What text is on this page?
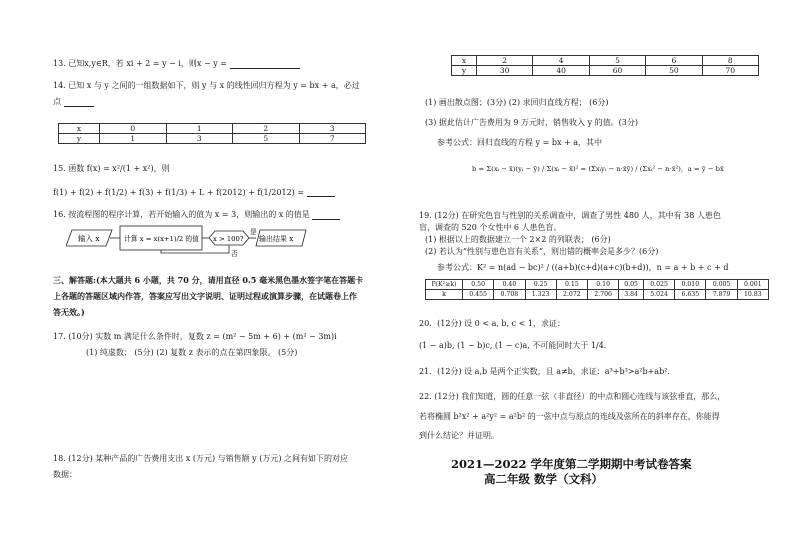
13. 已知x,y∈R，若 xi + 2 = y − i，则x − y =
14. 已知 x 与 y 之间的一组数据如下，则 y 与 x 的线性回归方程为 y = bx + a，必过
点
x	0	1	2	3
y	1	3	5	7
15. 函数 f(x) = x²/(1 + x²)，则
f(1) + f(2) + f(1/2) + f(3) + f(1/3) + L + f(2012) + f(1/2012) =
16. 按流程图的程序计算，若开始输入的值为 x = 3，则输出的 x 的值是
输入 x	计算 x = x(x+1)/2 的值 x > 100?
是
输出结果 x
否
三、解答题:(本大题共 6 小题，共 70 分，请用直径 0.5 毫米黑色墨水签字笔在答题卡
上各题的答题区域内作答，答案应写出文字说明、证明过程或演算步骤，在试题卷上作
答无效。)
17. (10分) 实数 m 满足什么条件时，复数 z = (m² − 5m + 6) + (m² − 3m)i
(1) 纯虚数； (5分) (2) 复数 z 表示的点在第四象限。 (5分)
18. (12分) 某种产品的广告费用支出 x (万元) 与销售额 y (万元) 之间有如下的对应
数据：
x	2	4	5	6	8
y	30	40	60	50	70
(1) 画出散点图；(3分) (2) 求回归直线方程； (6分)
(3) 据此估计广告费用为 9 万元时，销售收入 y 的值。(3分)
参考公式：回归直线的方程 y = bx + a，其中
b = Σ(xᵢ − x̄)(yᵢ − ȳ) / Σ(xᵢ − x̄)² = (Σxᵢyᵢ − n·x̄ȳ) / (Σxᵢ² − n·x̄²)，a = ȳ − bx̄
19. (12分) 在研究色盲与性别的关系调查中，调查了男性 480 人，其中有 38 人患色
盲，调查的 520 个女性中 6 人患色盲。
(1) 根据以上的数据建立一个 2×2 的列联表； (6分)
(2) 若认为“性别与患色盲有关系”，则出错的概率会是多少？(6分)
参考公式：K² = n(ad − bc)² / ((a+b)(c+d)(a+c)(b+d))，n = a + b + c + d
P(K²≥k)	0.50	0.40	0.25	0.15	0.10	0.05	0.025	0.010	0.005	0.001
k	0.455	0.708	1.323	2.072	2.706	3.84	5.024	6.635	7.879	10.83
20．(12分) 设 0 < a, b, c < 1，求证：
(1 − a)b, (1 − b)c, (1 − c)a, 不可能同时大于 1/4.
21．(12分) 设 a,b 是两个正实数，且 a≠b，求证：a³+b³>a²b+ab².
22. (12分) 我们知道，圆的任意一弦（非直径）的中点和圆心连线与该弦垂直，那么，
若将椭圆 b²x² + a²y² = a²b² 的一弦中点与原点的连线及弦所在的斜率存在，你能得
到什么结论？并证明。
2021—2022 学年度第二学期期中考试卷答案
高二年级 数学（文科）
